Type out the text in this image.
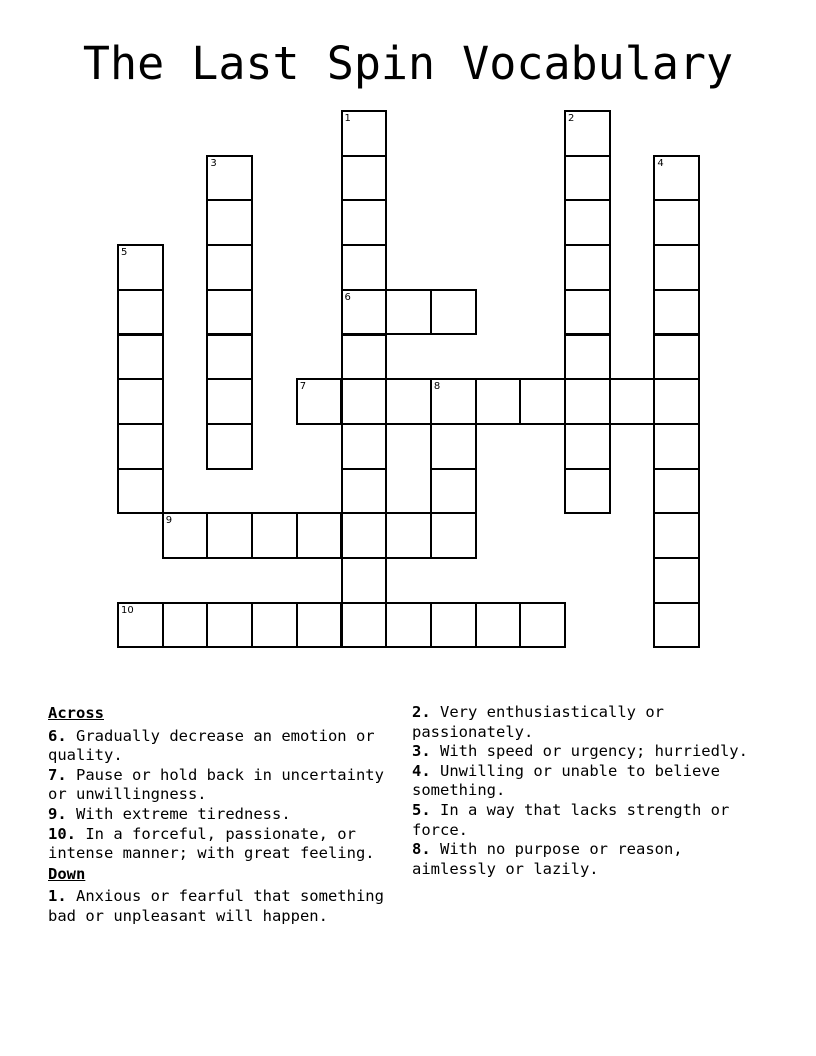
The Last Spin Vocabulary
1
6
2
3	4
5
7	8
9
10
Across
6. Gradually decrease an emotion or quality.
7. Pause or hold back in uncertainty or unwillingness.
9. With extreme tiredness.
10. In a forceful, passionate, or intense manner; with great feeling.
Down
1. Anxious or fearful that something bad or unpleasant will happen.
2. Very enthusiastically or passionately.
3. With speed or urgency; hurriedly.
4. Unwilling or unable to believe something.
5. In a way that lacks strength or force.
8. With no purpose or reason, aimlessly or lazily.
